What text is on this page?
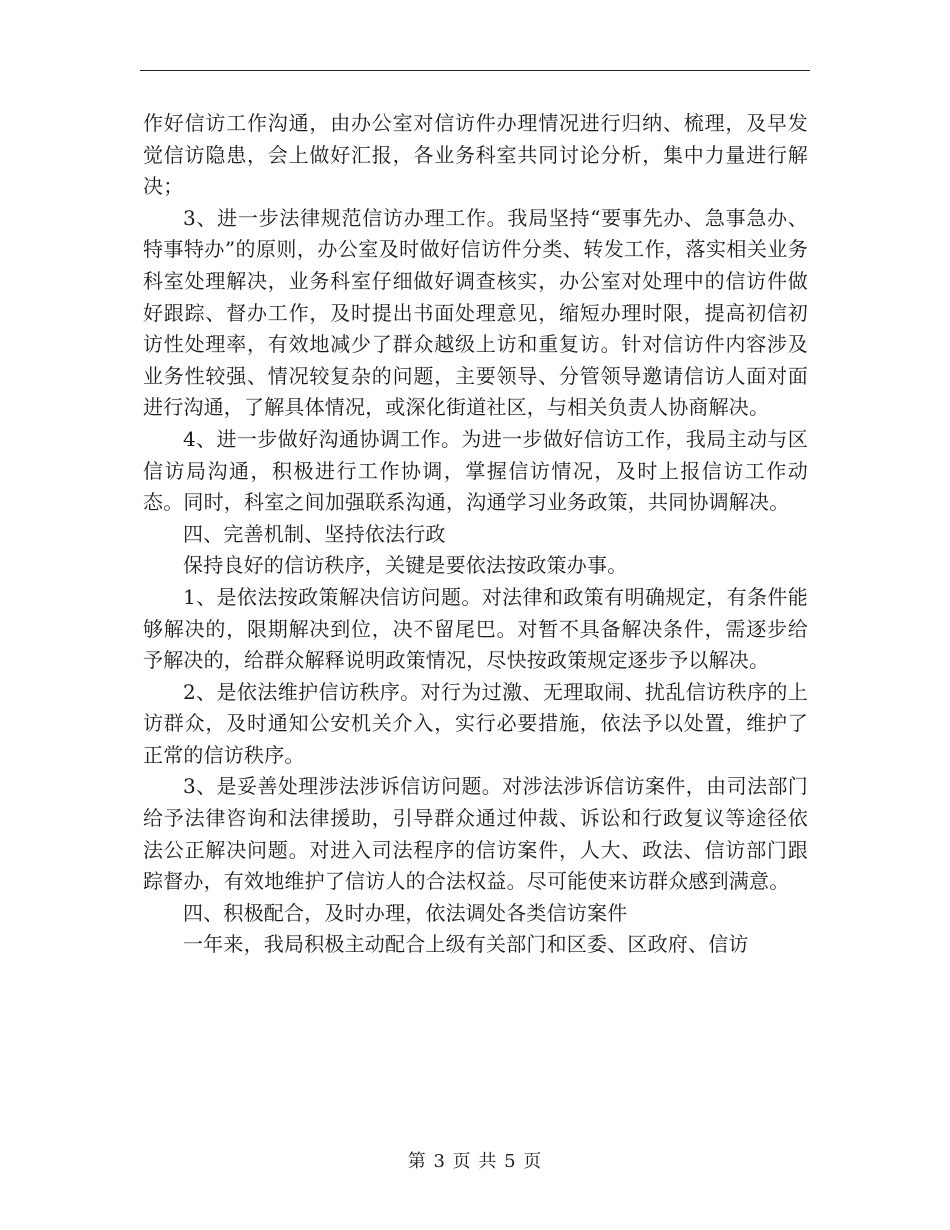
作好信访工作沟通，由办公室对信访件办理情况进行归纳、梳理，及早发觉信访隐患，会上做好汇报，各业务科室共同讨论分析，集中力量进行解决；

3、进一步法律规范信访办理工作。我局坚持“要事先办、急事急办、特事特办”的原则，办公室及时做好信访件分类、转发工作，落实相关业务科室处理解决，业务科室仔细做好调查核实，办公室对处理中的信访件做好跟踪、督办工作，及时提出书面处理意见，缩短办理时限，提高初信初访性处理率，有效地减少了群众越级上访和重复访。针对信访件内容涉及业务性较强、情况较复杂的问题，主要领导、分管领导邀请信访人面对面进行沟通，了解具体情况，或深化街道社区，与相关负责人协商解决。

4、进一步做好沟通协调工作。为进一步做好信访工作，我局主动与区信访局沟通，积极进行工作协调，掌握信访情况，及时上报信访工作动态。同时，科室之间加强联系沟通，沟通学习业务政策，共同协调解决。

四、完善机制、坚持依法行政

保持良好的信访秩序，关键是要依法按政策办事。

1、是依法按政策解决信访问题。对法律和政策有明确规定，有条件能够解决的，限期解决到位，决不留尾巴。对暂不具备解决条件，需逐步给予解决的，给群众解释说明政策情况，尽快按政策规定逐步予以解决。

2、是依法维护信访秩序。对行为过激、无理取闹、扰乱信访秩序的上访群众，及时通知公安机关介入，实行必要措施，依法予以处置，维护了正常的信访秩序。

3、是妥善处理涉法涉诉信访问题。对涉法涉诉信访案件，由司法部门给予法律咨询和法律援助，引导群众通过仲裁、诉讼和行政复议等途径依法公正解决问题。对进入司法程序的信访案件，人大、政法、信访部门跟踪督办，有效地维护了信访人的合法权益。尽可能使来访群众感到满意。

四、积极配合，及时办理，依法调处各类信访案件

一年来，我局积极主动配合上级有关部门和区委、区政府、信访

第 3 页 共 5 页
